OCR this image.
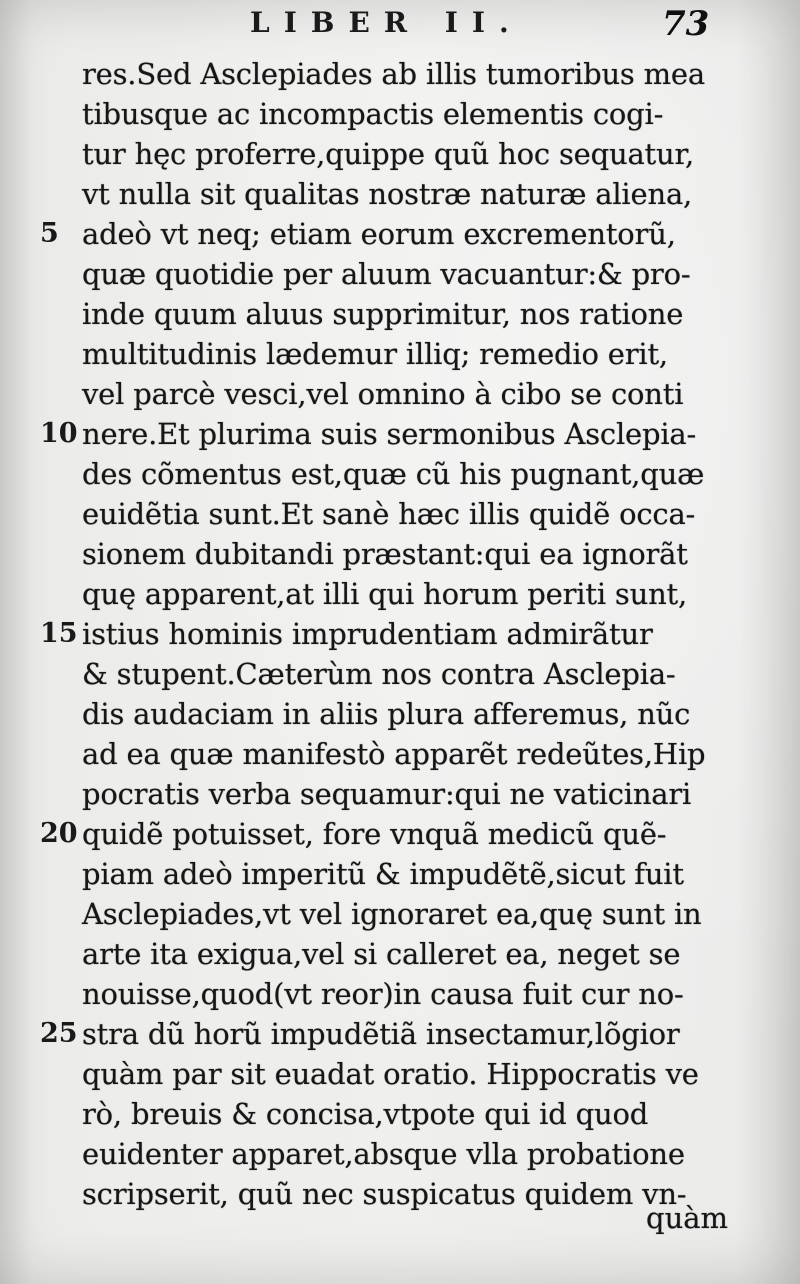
LIBER II.	73
5
10
15
20
25
res.Sed Asclepiades ab illis tumoribus mea
tibusque ac incompactis elementis cogi-
tur hęc proferre,quippe quũ hoc sequatur,
vt nulla sit qualitas nostræ naturæ aliena,
adeò vt neq; etiam eorum excrementorũ,
quæ quotidie per aluum vacuantur:& pro-
inde quum aluus supprimitur, nos ratione
multitudinis lædemur illiq; remedio erit,
vel parcè vesci,vel omnino à cibo se conti
nere.Et plurima suis sermonibus Asclepia-
des cõmentus est,quæ cũ his pugnant,quæ
euidẽtia sunt.Et sanè hæc illis quidẽ occa-
sionem dubitandi præstant:qui ea ignorãt
quę apparent,at illi qui horum periti sunt,
istius hominis imprudentiam admirãtur
& stupent.Cæterùm nos contra Asclepia-
dis audaciam in aliis plura afferemus, nũc
ad ea quæ manifestò apparẽt redeũtes,Hip
pocratis verba sequamur:qui ne vaticinari
quidẽ potuisset, fore vnquã medicũ quẽ-
piam adeò imperitũ & impudẽtẽ,sicut fuit
Asclepiades,vt vel ignoraret ea,quę sunt in
arte ita exigua,vel si calleret ea, neget se
nouisse,quod(vt reor)in causa fuit cur no-
stra dũ horũ impudẽtiã insectamur,lõgior
quàm par sit euadat oratio. Hippocratis ve
rò, breuis & concisa,vtpote qui id quod
euidenter apparet,absque vlla probatione
scripserit, quũ nec suspicatus quidem vn-
quàm
